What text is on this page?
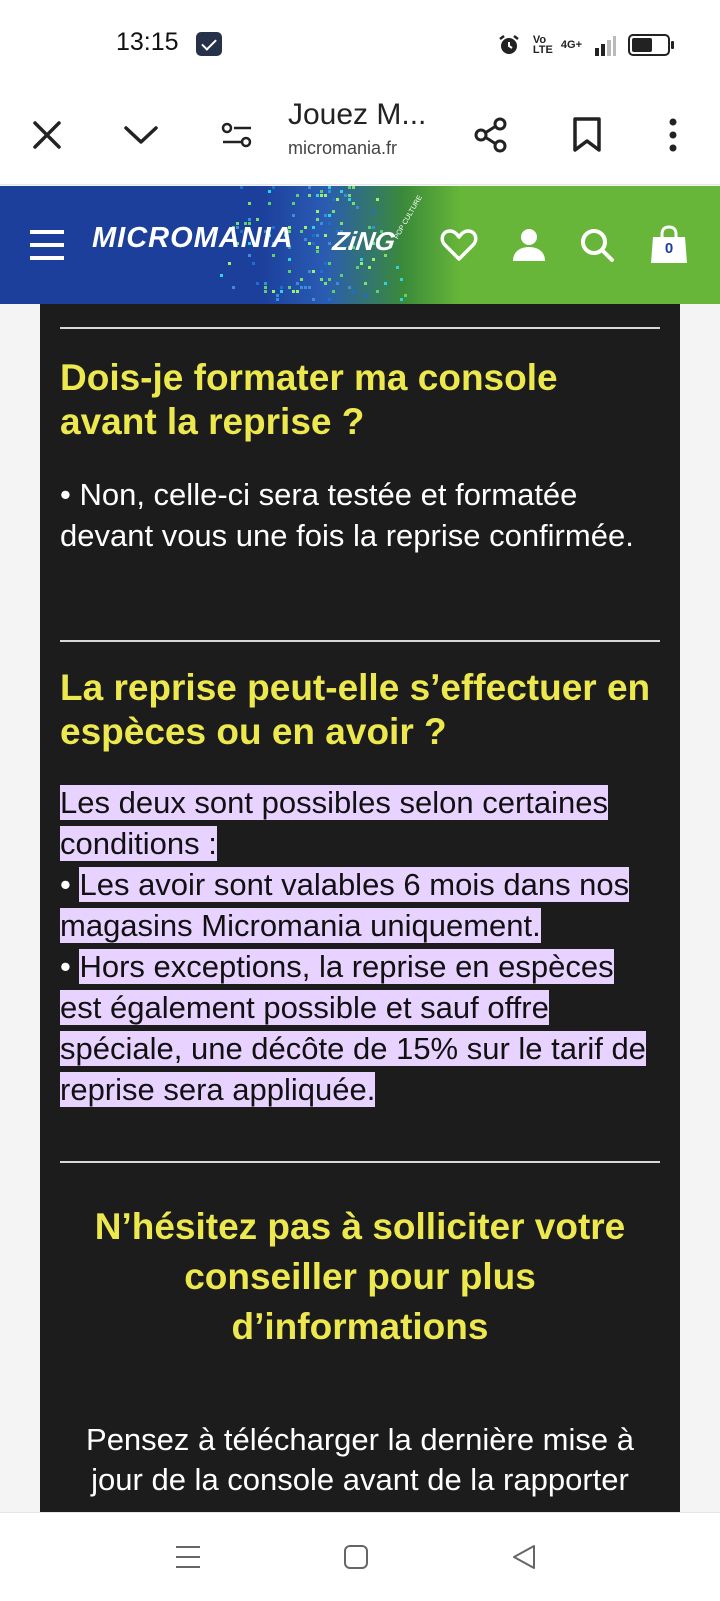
13:15	Vo LTE 4G+
Jouez M...
micromania.fr
MICROMANIA ZiNG
POP CULTURE
0
Dois-je formater ma console avant la reprise ?
• Non, celle-ci sera testée et formatée devant vous une fois la reprise confirmée.
La reprise peut-elle s’effectuer en espèces ou en avoir ?
Les deux sont possibles selon certaines conditions :
• Les avoir sont valables 6 mois dans nos magasins Micromania uniquement.
• Hors exceptions, la reprise en espèces est également possible et sauf offre spéciale, une décôte de 15% sur le tarif de reprise sera appliquée.
N’hésitez pas à solliciter votre conseiller pour plus d’informations
Pensez à télécharger la dernière mise à jour de la console avant de la rapporter
